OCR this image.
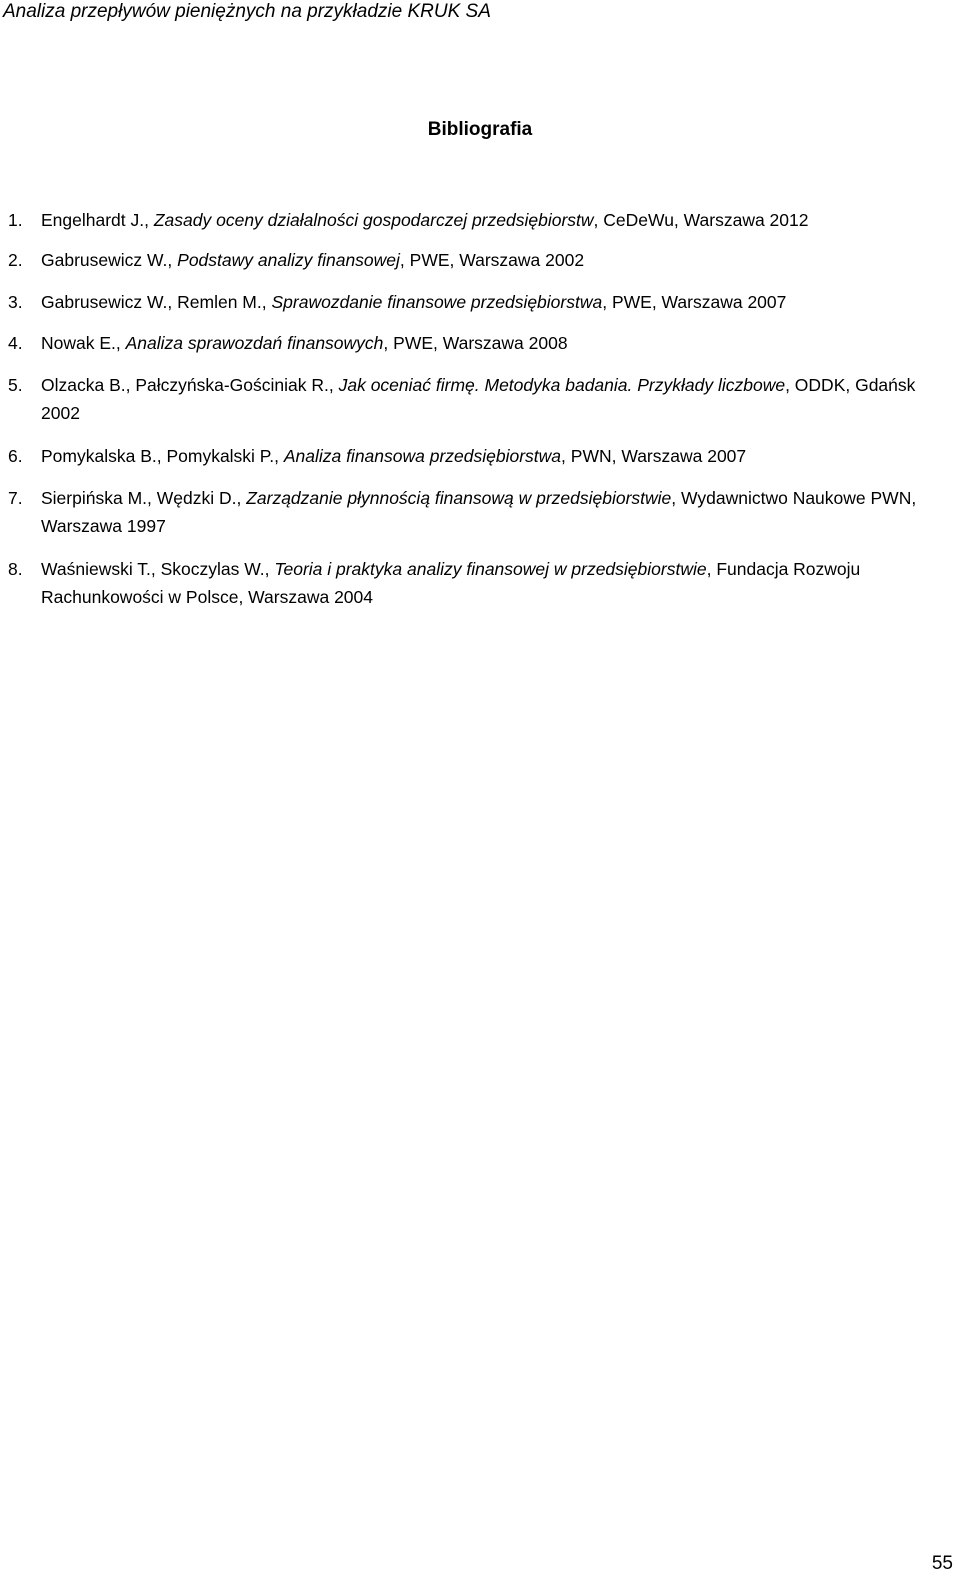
Analiza przepływów pieniężnych na przykładzie KRUK SA
Bibliografia
1. Engelhardt J., Zasady oceny działalności gospodarczej przedsiębiorstw, CeDeWu, Warszawa 2012
2. Gabrusewicz W., Podstawy analizy finansowej, PWE, Warszawa 2002
3. Gabrusewicz W., Remlen M., Sprawozdanie finansowe przedsiębiorstwa, PWE, Warszawa 2007
4. Nowak E., Analiza sprawozdań finansowych, PWE, Warszawa 2008
5. Olzacka B., Pałczyńska-Gościniak R., Jak oceniać firmę. Metodyka badania. Przykłady liczbowe, ODDK, Gdańsk 2002
6. Pomykalska B., Pomykalski P., Analiza finansowa przedsiębiorstwa, PWN, Warszawa 2007
7. Sierpińska M., Wędzki D., Zarządzanie płynnością finansową w przedsiębiorstwie, Wydawnictwo Naukowe PWN, Warszawa 1997
8. Waśniewski T., Skoczylas W., Teoria i praktyka analizy finansowej w przedsiębiorstwie, Fundacja Rozwoju Rachunkowości w Polsce, Warszawa 2004
55
